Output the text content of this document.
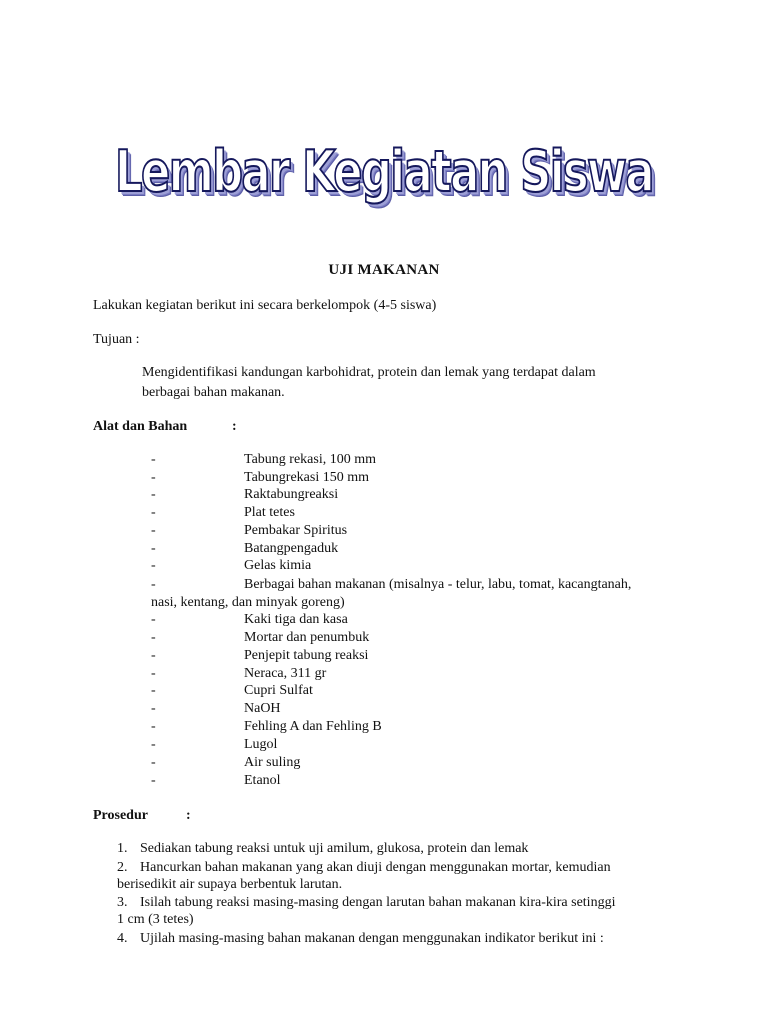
Lembar Kegiatan Siswa
UJI MAKANAN
Lakukan kegiatan berikut ini secara berkelompok (4-5 siswa)
Tujuan :
Mengidentifikasi kandungan karbohidrat, protein dan lemak yang terdapat dalam
berbagai bahan makanan.
Alat dan Bahan	:
-	Tabung rekasi, 100 mm
-	Tabungrekasi 150 mm
-	Raktabungreaksi
-	Plat tetes
-	Pembakar Spiritus
-	Batangpengaduk
-	Gelas kimia
-	Berbagai bahan makanan (misalnya - telur, labu, tomat, kacangtanah,
nasi, kentang, dan minyak goreng)
-	Kaki tiga dan kasa
-	Mortar dan penumbuk
-	Penjepit tabung reaksi
-	Neraca, 311 gr
-	Cupri Sulfat
-	NaOH
-	Fehling A dan Fehling B
-	Lugol
-	Air suling
-	Etanol
Prosedur	:
1. Sediakan tabung reaksi untuk uji amilum, glukosa, protein dan lemak
2. Hancurkan bahan makanan yang akan diuji dengan menggunakan mortar, kemudian
berisedikit air supaya berbentuk larutan.
3. Isilah tabung reaksi masing-masing dengan larutan bahan makanan kira-kira setinggi
1 cm (3 tetes)
4. Ujilah masing-masing bahan makanan dengan menggunakan indikator berikut ini :
